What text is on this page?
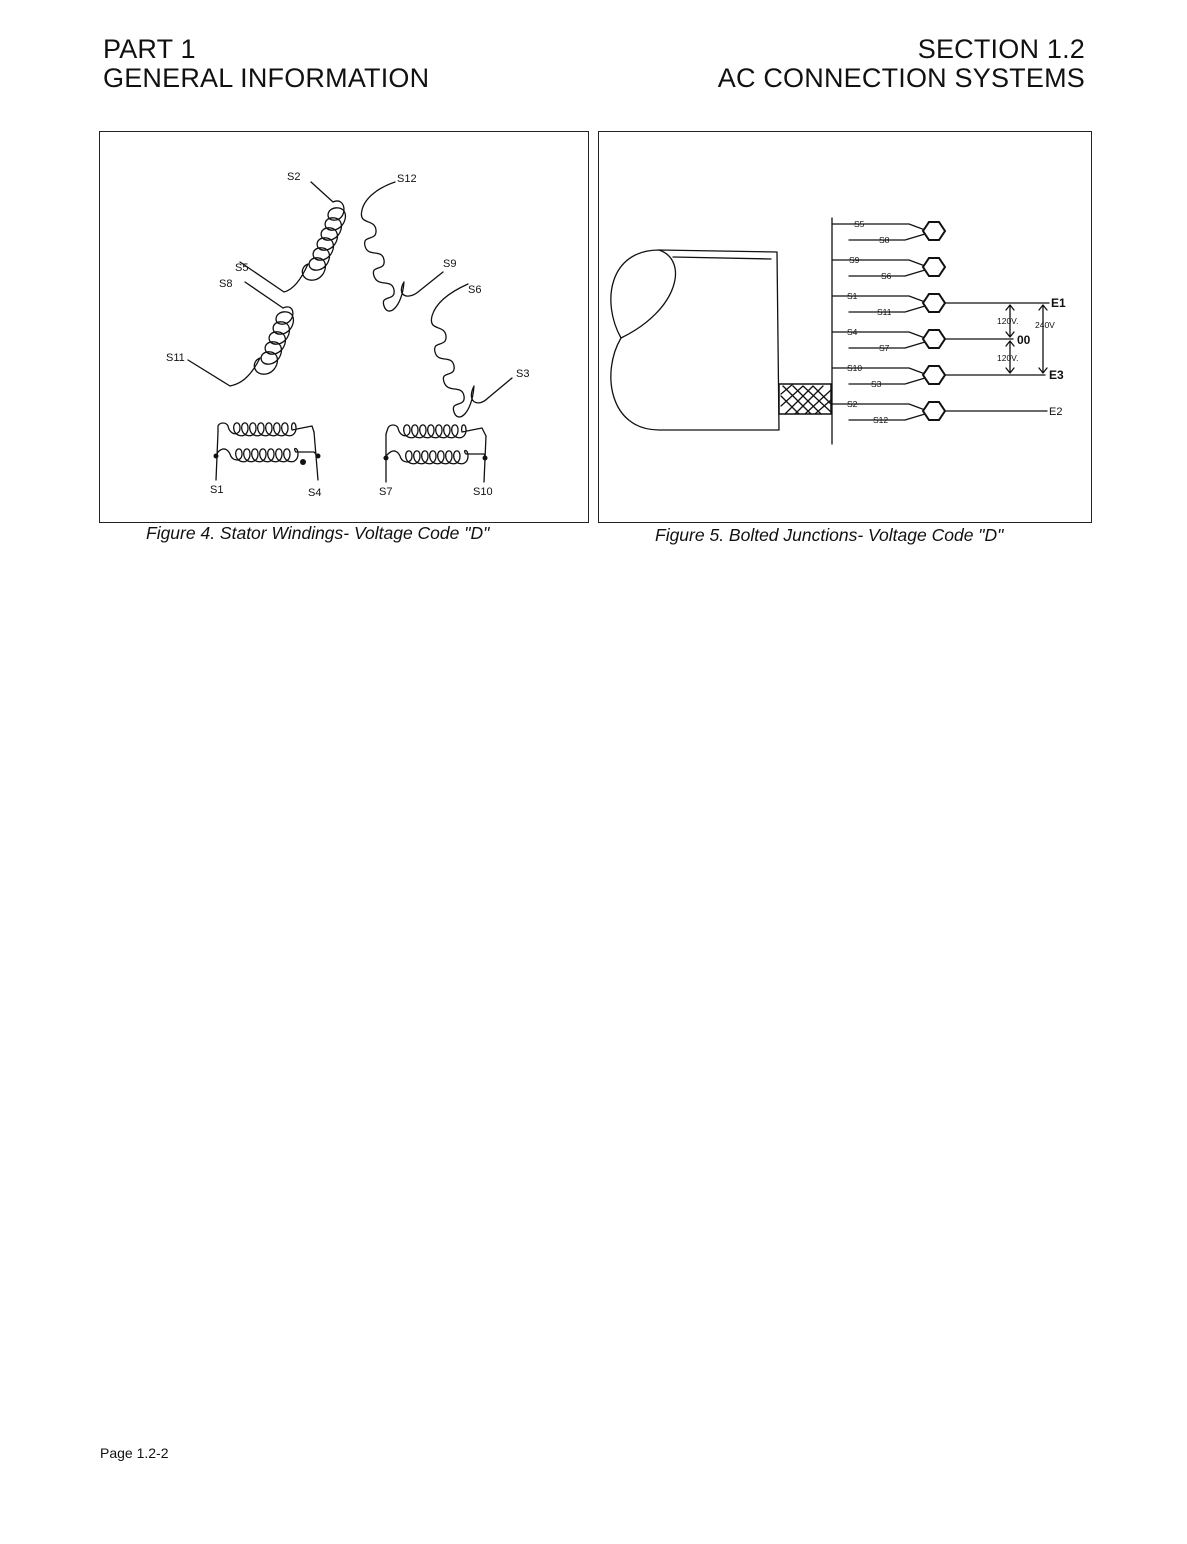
PART 1
GENERAL INFORMATION
SECTION 1.2
AC CONNECTION SYSTEMS
S2	S12
S5
S8
S9
S6
S11
S3
S1	S4	S7	S10
Figure 4. Stator Windings- Voltage Code "D"
S5
S8
S9
S6
S1
S11
S4
S7
S10
S3
S2
S12
E1
E3
E2
120V.
120V.
240V
00
Figure 5. Bolted Junctions- Voltage Code "D"
Page 1.2-2
